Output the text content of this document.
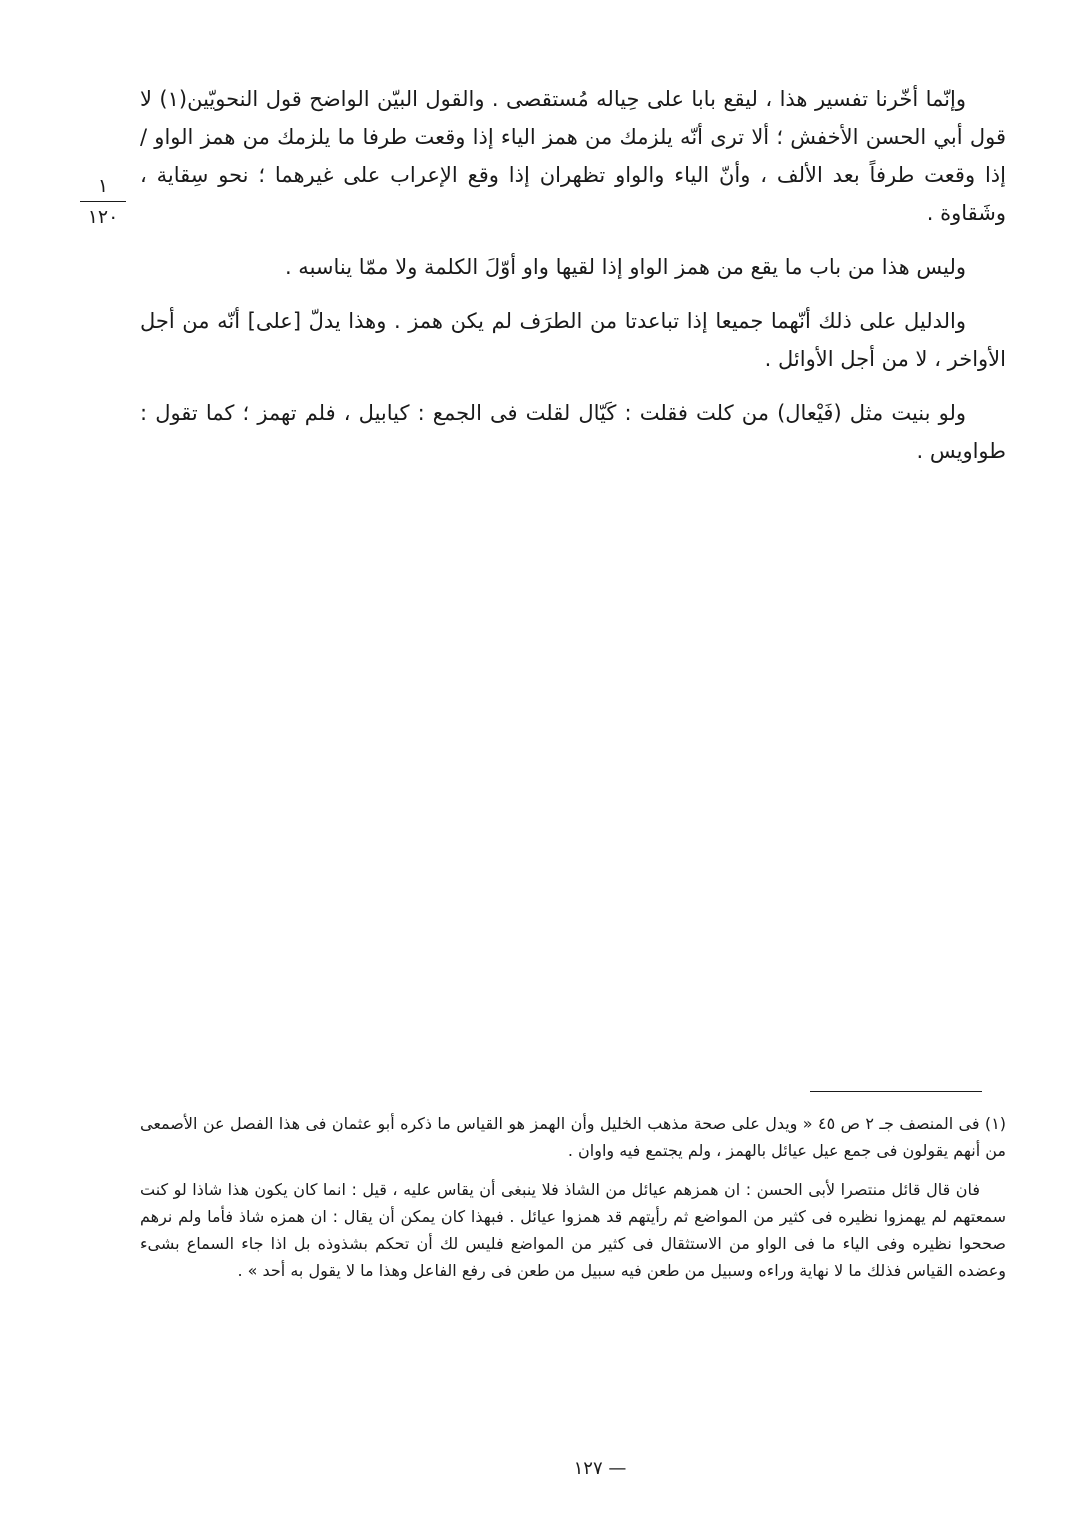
وإنّما أخّرنا تفسير هذا ، ليقع بابا على حِياله مُستقصى . والقول البيّن الواضح قول النحويّين(١) لا قول أبي الحسن الأخفش ؛ ألا ترى أنّه يلزمك من همز الياء إذا وقعت طرفا ما يلزمك من همز الواو / إذا وقعت طرفاً بعد الألف ، وأنّ الياء والواو تظهران إذا وقع الإعراب على غيرهما ؛ نحو سِقاية ، وشَقاوة .

وليس هذا من باب ما يقع من همز الواو إذا لقيها واو أوّلَ الكلمة ولا ممّا يناسبه .

والدليل على ذلك أنّهما جميعا إذا تباعدتا من الطرَف لم يكن همز . وهذا يدلّ [على] أنّه من أجل الأواخر ، لا من أجل الأوائل .

ولو بنيت مثل (فَيْعال) من كلت فقلت : كَيّال لقلت فى الجمع : كيابيل ، فلم تهمز ؛ كما تقول : طواويس .

١
١٢٠

(١) فى المنصف جـ ٢ ص ٤٥ « ويدل على صحة مذهب الخليل وأن الهمز هو القياس ما ذكره أبو عثمان فى هذا الفصل عن الأصمعى من أنهم يقولون فى جمع عيل عيائل بالهمز ، ولم يجتمع فيه واوان .

فان قال قائل منتصرا لأبى الحسن : ان همزهم عيائل من الشاذ فلا ينبغى أن يقاس عليه ، قيل : انما كان يكون هذا شاذا لو كنت سمعتهم لم يهمزوا نظيره فى كثير من المواضع ثم رأيتهم قد همزوا عيائل . فبهذا كان يمكن أن يقال : ان همزه شاذ فأما ولم نرهم صححوا نظيره وفى الياء ما فى الواو من الاستثقال فى كثير من المواضع فليس لك أن تحكم بشذوذه بل اذا جاء السماع بشىء وعضده القياس فذلك ما لا نهاية وراءه وسبيل من طعن فيه سبيل من طعن فى رفع الفاعل وهذا ما لا يقول به أحد » .

— ١٢٧
